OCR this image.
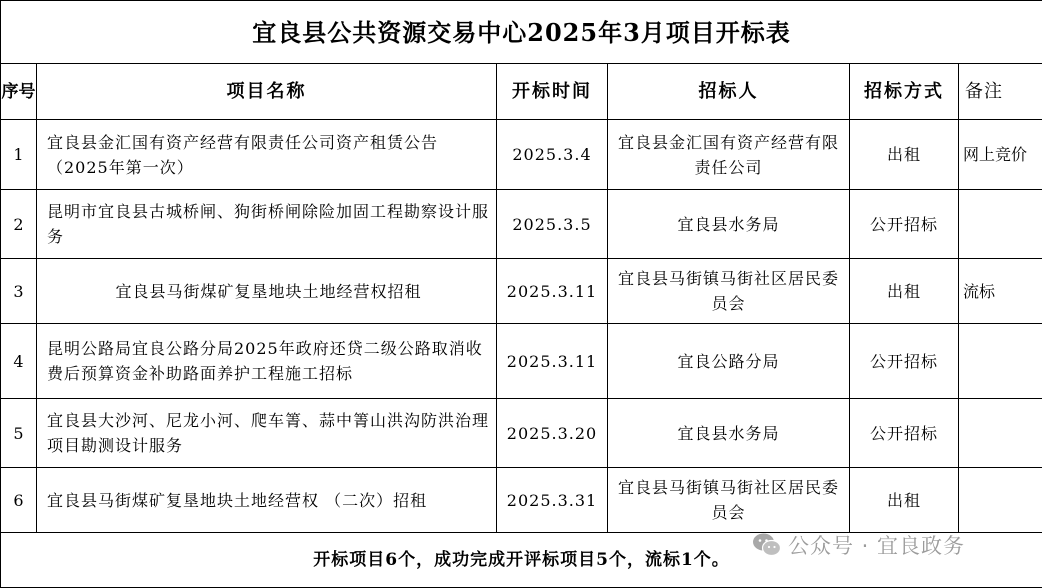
宜良县公共资源交易中心2025年3月项目开标表					
序号	项目名称	开标时间	招标人	招标方式	备注
1	宜良县金汇国有资产经营有限责任公司资产租赁公告（2025年第一次）	2025.3.4	宜良县金汇国有资产经营有限责任公司	出租	网上竞价
2	昆明市宜良县古城桥闸、狗街桥闸除险加固工程勘察设计服务	2025.3.5	宜良县水务局	公开招标	
3	宜良县马街煤矿复垦地块土地经营权招租	2025.3.11	宜良县马街镇马街社区居民委员会	出租	流标
4	昆明公路局宜良公路分局2025年政府还贷二级公路取消收费后预算资金补助路面养护工程施工招标	2025.3.11	宜良公路分局	公开招标	
5	宜良县大沙河、尼龙小河、爬车箐、蒜中箐山洪沟防洪治理项目勘测设计服务	2025.3.20	宜良县水务局	公开招标	
6	宜良县马街煤矿复垦地块土地经营权 （二次）招租	2025.3.31	宜良县马街镇马街社区居民委员会	出租	
开标项目6个，成功完成开评标项目5个，流标1个。					
公众号 · 宜良政务
